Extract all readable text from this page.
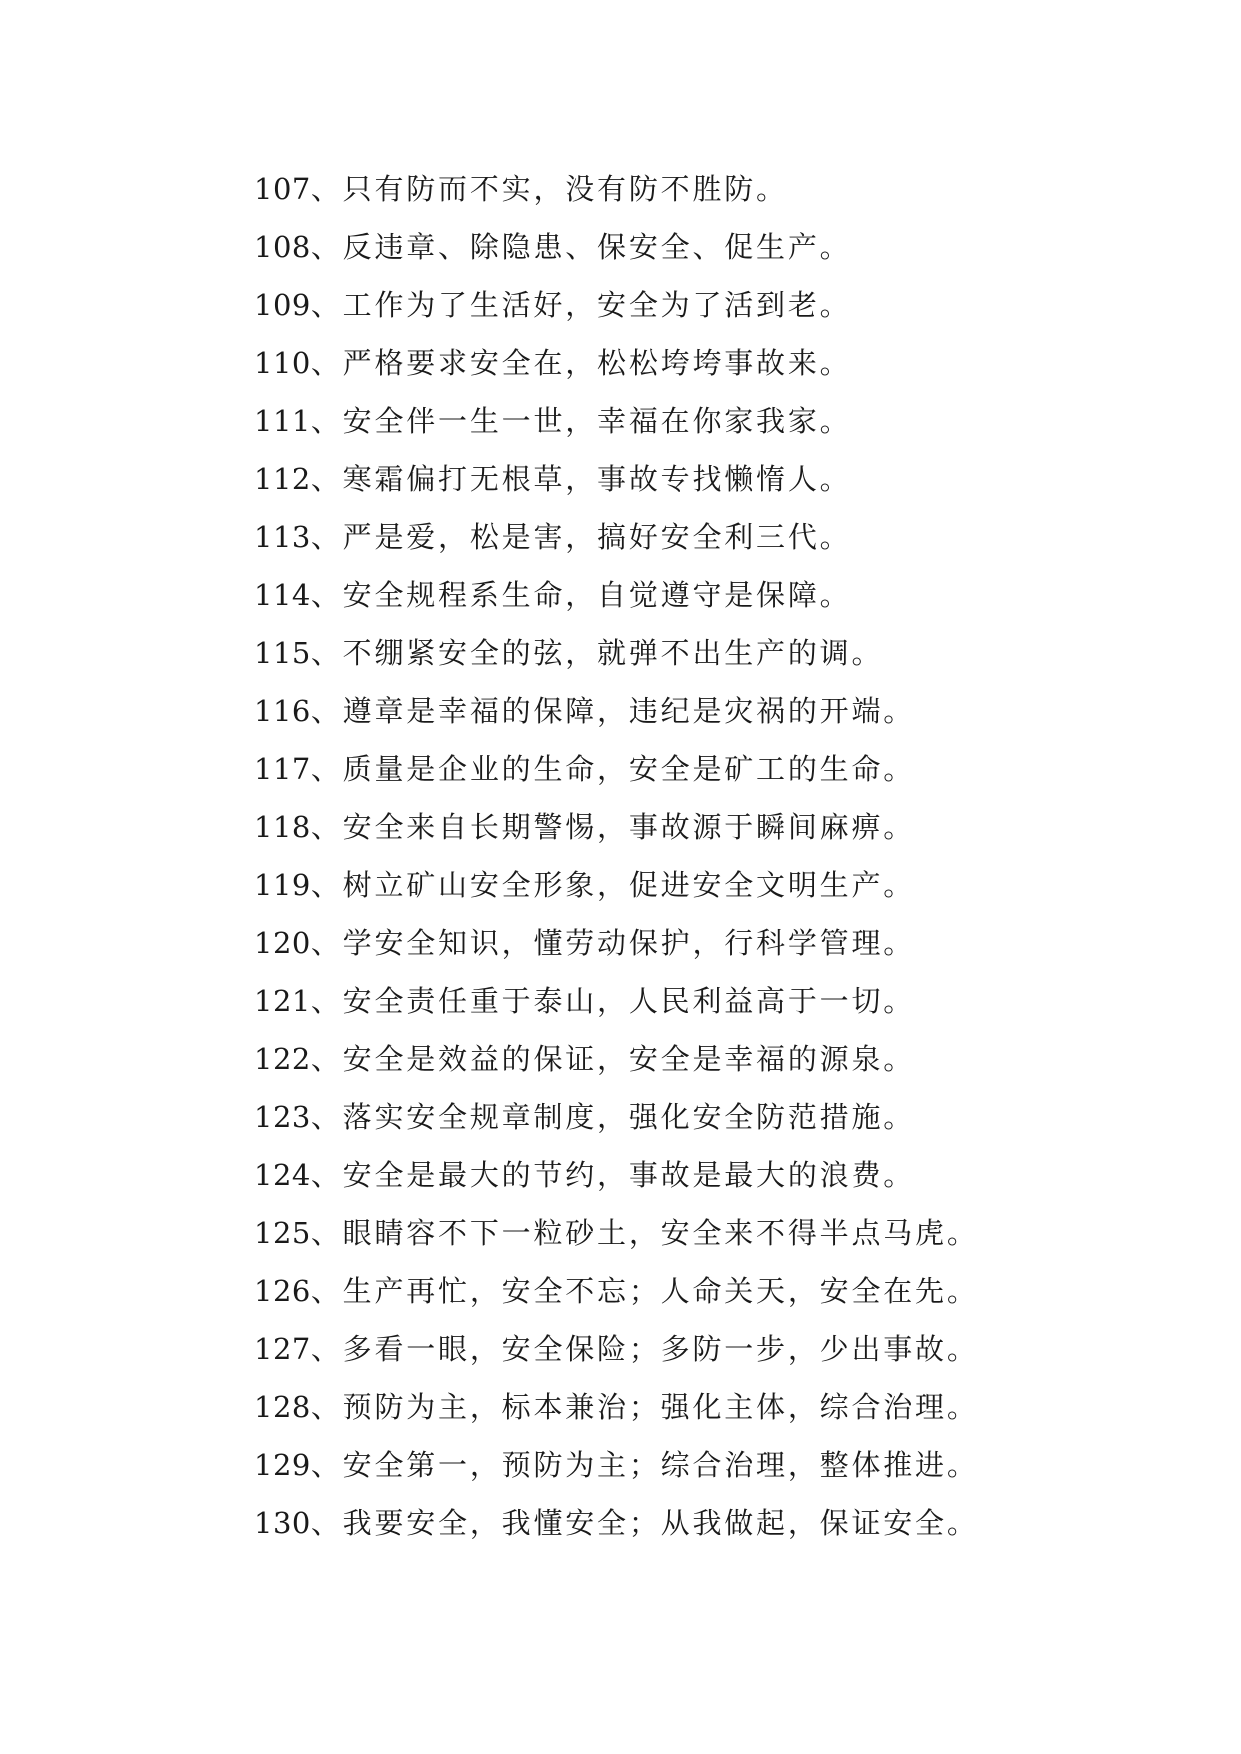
107、只有防而不实，没有防不胜防。
108、反违章、除隐患、保安全、促生产。
109、工作为了生活好，安全为了活到老。
110、严格要求安全在，松松垮垮事故来。
111、安全伴一生一世，幸福在你家我家。
112、寒霜偏打无根草，事故专找懒惰人。
113、严是爱，松是害，搞好安全利三代。
114、安全规程系生命，自觉遵守是保障。
115、不绷紧安全的弦，就弹不出生产的调。
116、遵章是幸福的保障，违纪是灾祸的开端。
117、质量是企业的生命，安全是矿工的生命。
118、安全来自长期警惕，事故源于瞬间麻痹。
119、树立矿山安全形象，促进安全文明生产。
120、学安全知识，懂劳动保护，行科学管理。
121、安全责任重于泰山，人民利益高于一切。
122、安全是效益的保证，安全是幸福的源泉。
123、落实安全规章制度，强化安全防范措施。
124、安全是最大的节约，事故是最大的浪费。
125、眼睛容不下一粒砂土，安全来不得半点马虎。
126、生产再忙，安全不忘；人命关天，安全在先。
127、多看一眼，安全保险；多防一步，少出事故。
128、预防为主，标本兼治；强化主体，综合治理。
129、安全第一，预防为主；综合治理，整体推进。
130、我要安全，我懂安全；从我做起，保证安全。
